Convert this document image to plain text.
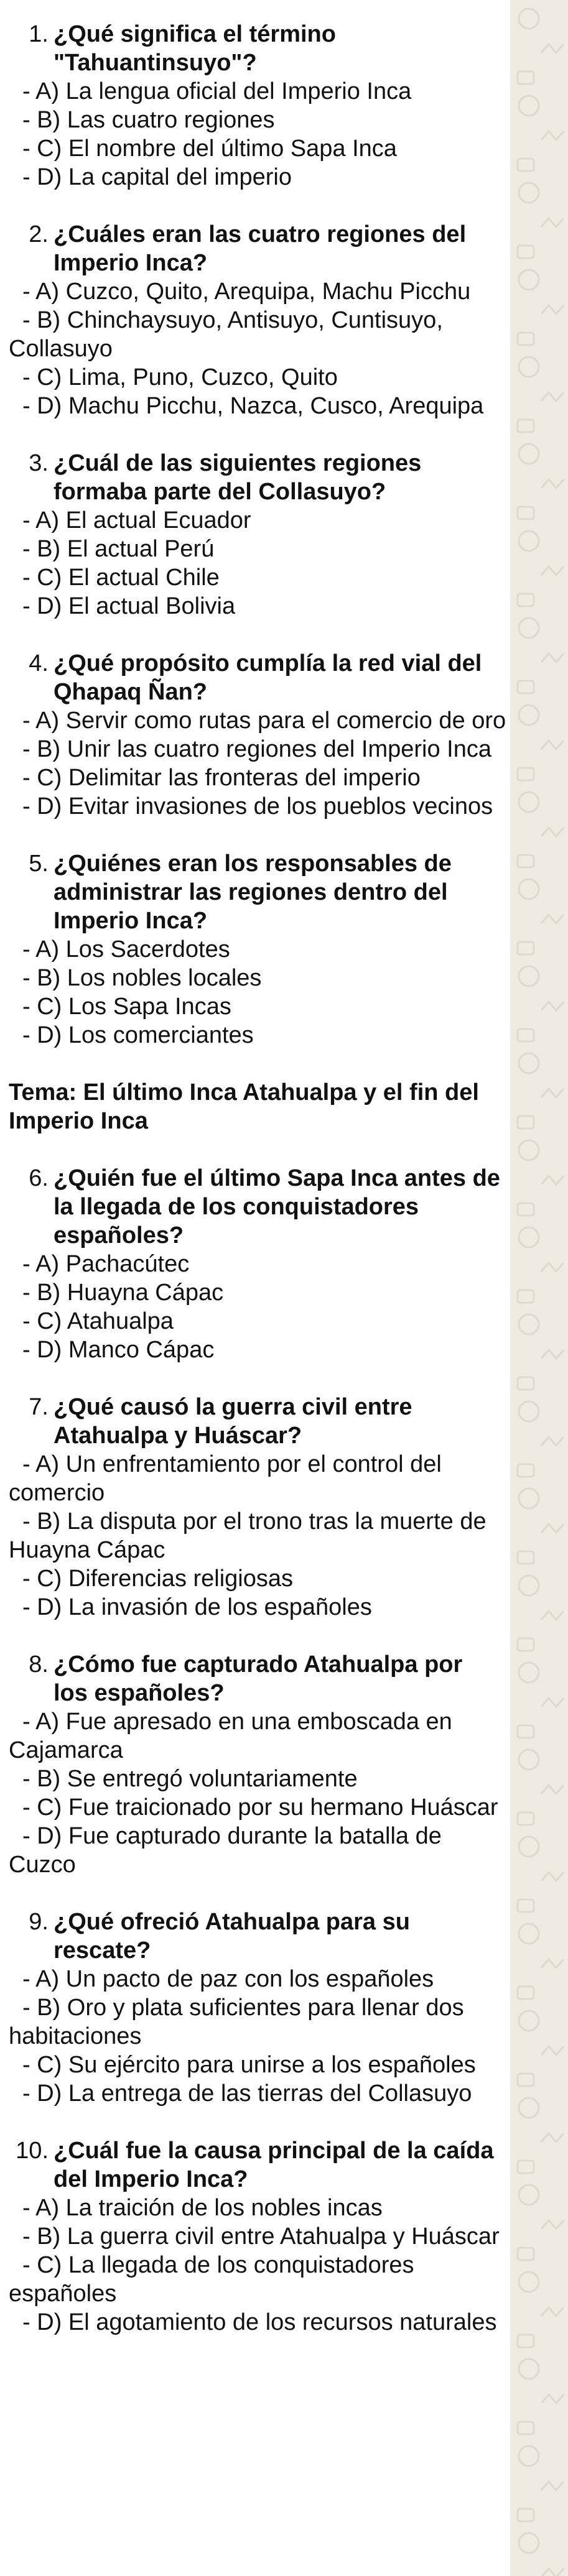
1. ¿Qué significa el término "Tahuantinsuyo"?
- A) La lengua oficial del Imperio Inca
- B) Las cuatro regiones
- C) El nombre del último Sapa Inca
- D) La capital del imperio
2. ¿Cuáles eran las cuatro regiones del Imperio Inca?
- A) Cuzco, Quito, Arequipa, Machu Picchu
- B) Chinchaysuyo, Antisuyo, Cuntisuyo, Collasuyo
- C) Lima, Puno, Cuzco, Quito
- D) Machu Picchu, Nazca, Cusco, Arequipa
3. ¿Cuál de las siguientes regiones formaba parte del Collasuyo?
- A) El actual Ecuador
- B) El actual Perú
- C) El actual Chile
- D) El actual Bolivia
4. ¿Qué propósito cumplía la red vial del Qhapaq Ñan?
- A) Servir como rutas para el comercio de oro
- B) Unir las cuatro regiones del Imperio Inca
- C) Delimitar las fronteras del imperio
- D) Evitar invasiones de los pueblos vecinos
5. ¿Quiénes eran los responsables de administrar las regiones dentro del Imperio Inca?
- A) Los Sacerdotes
- B) Los nobles locales
- C) Los Sapa Incas
- D) Los comerciantes
Tema: El último Inca Atahualpa y el fin del Imperio Inca
6. ¿Quién fue el último Sapa Inca antes de la llegada de los conquistadores españoles?
- A) Pachacútec
- B) Huayna Cápac
- C) Atahualpa
- D) Manco Cápac
7. ¿Qué causó la guerra civil entre Atahualpa y Huáscar?
- A) Un enfrentamiento por el control del comercio
- B) La disputa por el trono tras la muerte de Huayna Cápac
- C) Diferencias religiosas
- D) La invasión de los españoles
8. ¿Cómo fue capturado Atahualpa por los españoles?
- A) Fue apresado en una emboscada en Cajamarca
- B) Se entregó voluntariamente
- C) Fue traicionado por su hermano Huáscar
- D) Fue capturado durante la batalla de Cuzco
9. ¿Qué ofreció Atahualpa para su rescate?
- A) Un pacto de paz con los españoles
- B) Oro y plata suficientes para llenar dos habitaciones
- C) Su ejército para unirse a los españoles
- D) La entrega de las tierras del Collasuyo
10. ¿Cuál fue la causa principal de la caída del Imperio Inca?
- A) La traición de los nobles incas
- B) La guerra civil entre Atahualpa y Huáscar
- C) La llegada de los conquistadores españoles
- D) El agotamiento de los recursos naturales
